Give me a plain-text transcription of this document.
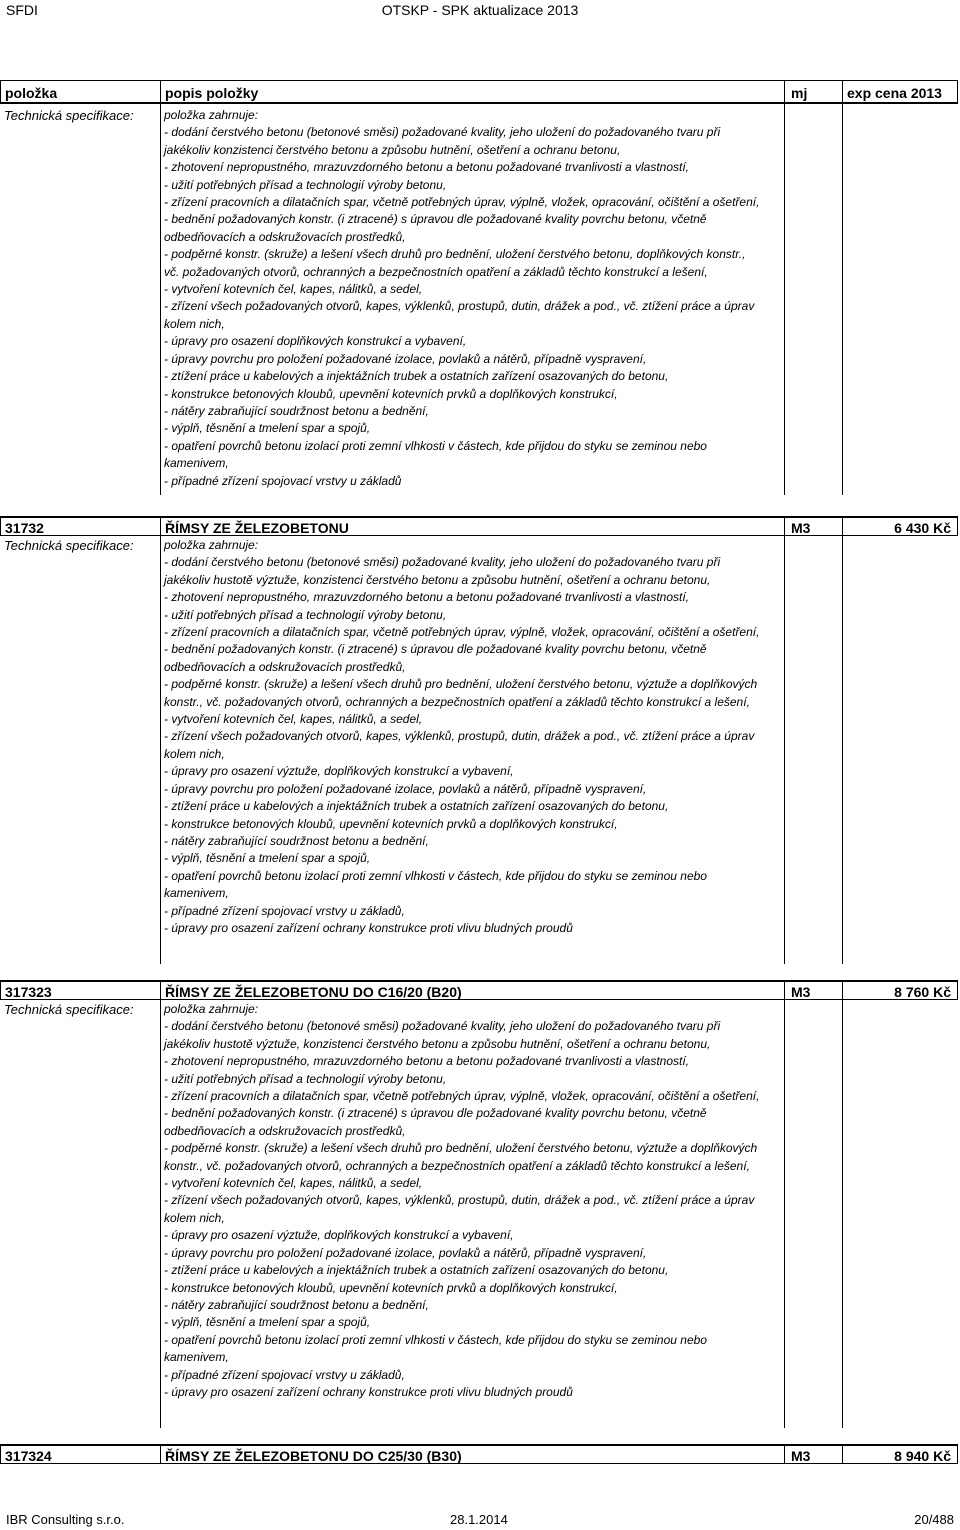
SFDI	OTSKP - SPK aktualizace 2013
položka	popis položky	mj	exp cena 2013
Technická specifikace:	položka zahrnuje:
- dodání čerstvého betonu (betonové směsi) požadované kvality, jeho uložení do požadovaného tvaru při
jakékoliv konzistenci čerstvého betonu a způsobu hutnění, ošetření a ochranu betonu,
- zhotovení nepropustného, mrazuvzdorného betonu a betonu požadované trvanlivosti a vlastností,
- užití potřebných přísad a technologií výroby betonu,
- zřízení pracovních a dilatačních spar, včetně potřebných úprav, výplně, vložek, opracování, očištění a ošetření,
- bednění požadovaných konstr. (i ztracené) s úpravou dle požadované kvality povrchu betonu, včetně
odbedňovacích a odskružovacích prostředků,
- podpěrné konstr. (skruže) a lešení všech druhů pro bednění, uložení čerstvého betonu, doplňkových konstr.,
vč. požadovaných otvorů, ochranných a bezpečnostních opatření a základů těchto konstrukcí a lešení,
- vytvoření kotevních čel, kapes, nálitků, a sedel,
- zřízení všech požadovaných otvorů, kapes, výklenků, prostupů, dutin, drážek a pod., vč. ztížení práce a úprav
kolem nich,
- úpravy pro osazení doplňkových konstrukcí a vybavení,
- úpravy povrchu pro položení požadované izolace, povlaků a nátěrů, případně vyspravení,
- ztížení práce u kabelových a injektážních trubek a ostatních zařízení osazovaných do betonu,
- konstrukce betonových kloubů, upevnění kotevních prvků a doplňkových konstrukcí,
- nátěry zabraňující soudržnost betonu a bednění,
- výplň, těsnění a tmelení spar a spojů,
- opatření povrchů betonu izolací proti zemní vlhkosti v částech, kde přijdou do styku se zeminou nebo
kamenivem,
- případné zřízení spojovací vrstvy u základů
31732	ŘÍMSY ZE ŽELEZOBETONU	M3	6 430 Kč
Technická specifikace:	položka zahrnuje:
- dodání čerstvého betonu (betonové směsi) požadované kvality, jeho uložení do požadovaného tvaru při
jakékoliv hustotě výztuže, konzistenci čerstvého betonu a způsobu hutnění, ošetření a ochranu betonu,
- zhotovení nepropustného, mrazuvzdorného betonu a betonu požadované trvanlivosti a vlastností,
- užití potřebných přísad a technologií výroby betonu,
- zřízení pracovních a dilatačních spar, včetně potřebných úprav, výplně, vložek, opracování, očištění a ošetření,
- bednění požadovaných konstr. (i ztracené) s úpravou dle požadované kvality povrchu betonu, včetně
odbedňovacích a odskružovacích prostředků,
- podpěrné konstr. (skruže) a lešení všech druhů pro bednění, uložení čerstvého betonu, výztuže a doplňkových
konstr., vč. požadovaných otvorů, ochranných a bezpečnostních opatření a základů těchto konstrukcí a lešení,
- vytvoření kotevních čel, kapes, nálitků, a sedel,
- zřízení všech požadovaných otvorů, kapes, výklenků, prostupů, dutin, drážek a pod., vč. ztížení práce a úprav
kolem nich,
- úpravy pro osazení výztuže, doplňkových konstrukcí a vybavení,
- úpravy povrchu pro položení požadované izolace, povlaků a nátěrů, případně vyspravení,
- ztížení práce u kabelových a injektážních trubek a ostatních zařízení osazovaných do betonu,
- konstrukce betonových kloubů, upevnění kotevních prvků a doplňkových konstrukcí,
- nátěry zabraňující soudržnost betonu a bednění,
- výplň, těsnění a tmelení spar a spojů,
- opatření povrchů betonu izolací proti zemní vlhkosti v částech, kde přijdou do styku se zeminou nebo
kamenivem,
- případné zřízení spojovací vrstvy u základů,
- úpravy pro osazení zařízení ochrany konstrukce proti vlivu bludných proudů
317323	ŘÍMSY ZE ŽELEZOBETONU DO C16/20 (B20)	M3	8 760 Kč
Technická specifikace:	položka zahrnuje:
- dodání čerstvého betonu (betonové směsi) požadované kvality, jeho uložení do požadovaného tvaru při
jakékoliv hustotě výztuže, konzistenci čerstvého betonu a způsobu hutnění, ošetření a ochranu betonu,
- zhotovení nepropustného, mrazuvzdorného betonu a betonu požadované trvanlivosti a vlastností,
- užití potřebných přísad a technologií výroby betonu,
- zřízení pracovních a dilatačních spar, včetně potřebných úprav, výplně, vložek, opracování, očištění a ošetření,
- bednění požadovaných konstr. (i ztracené) s úpravou dle požadované kvality povrchu betonu, včetně
odbedňovacích a odskružovacích prostředků,
- podpěrné konstr. (skruže) a lešení všech druhů pro bednění, uložení čerstvého betonu, výztuže a doplňkových
konstr., vč. požadovaných otvorů, ochranných a bezpečnostních opatření a základů těchto konstrukcí a lešení,
- vytvoření kotevních čel, kapes, nálitků, a sedel,
- zřízení všech požadovaných otvorů, kapes, výklenků, prostupů, dutin, drážek a pod., vč. ztížení práce a úprav
kolem nich,
- úpravy pro osazení výztuže, doplňkových konstrukcí a vybavení,
- úpravy povrchu pro položení požadované izolace, povlaků a nátěrů, případně vyspravení,
- ztížení práce u kabelových a injektážních trubek a ostatních zařízení osazovaných do betonu,
- konstrukce betonových kloubů, upevnění kotevních prvků a doplňkových konstrukcí,
- nátěry zabraňující soudržnost betonu a bednění,
- výplň, těsnění a tmelení spar a spojů,
- opatření povrchů betonu izolací proti zemní vlhkosti v částech, kde přijdou do styku se zeminou nebo
kamenivem,
- případné zřízení spojovací vrstvy u základů,
- úpravy pro osazení zařízení ochrany konstrukce proti vlivu bludných proudů
317324	ŘÍMSY ZE ŽELEZOBETONU DO C25/30 (B30)	M3	8 940 Kč
IBR Consulting s.r.o.	28.1.2014	20/488
